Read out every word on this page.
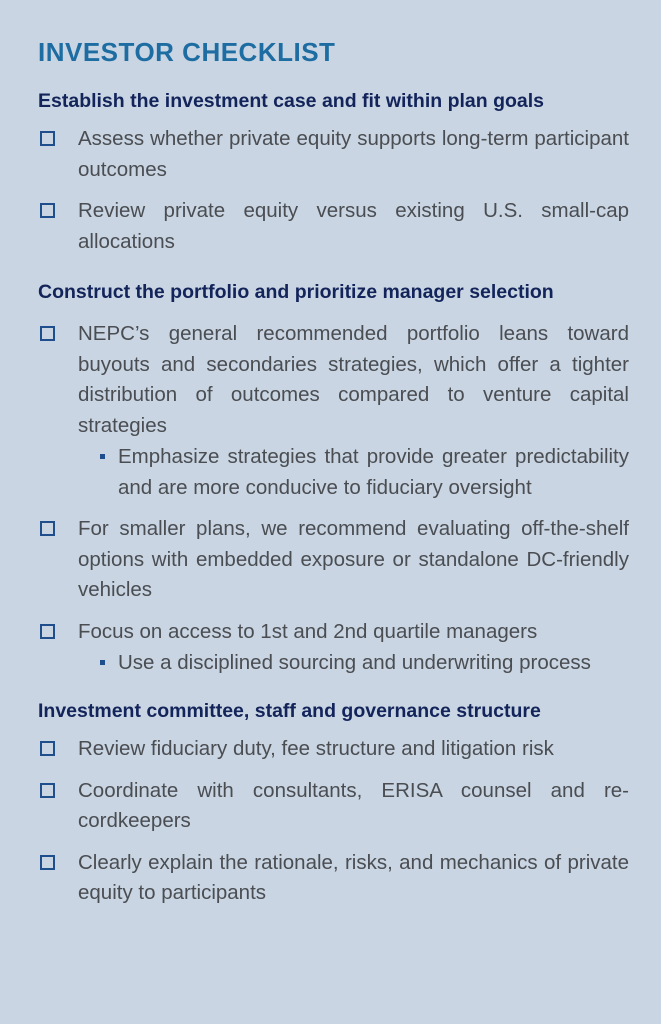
INVESTOR CHECKLIST
Establish the investment case and fit within plan goals
Assess whether private equity supports long-term participant outcomes
Review private equity versus existing U.S. small-cap allocations
Construct the portfolio and prioritize manager selection
NEPC’s general recommended portfolio leans toward buyouts and secondaries strategies, which offer a tighter distribution of outcomes compared to venture capital strategies
Emphasize strategies that provide greater predictability and are more conducive to fiduciary oversight
For smaller plans, we recommend evaluating off-the-shelf options with embedded exposure or standalone DC-friendly vehicles
Focus on access to 1st and 2nd quartile managers
Use a disciplined sourcing and underwriting process
Investment committee, staff and governance structure
Review fiduciary duty, fee structure and litigation risk
Coordinate with consultants, ERISA counsel and recordkeepers
Clearly explain the rationale, risks, and mechanics of private equity to participants
